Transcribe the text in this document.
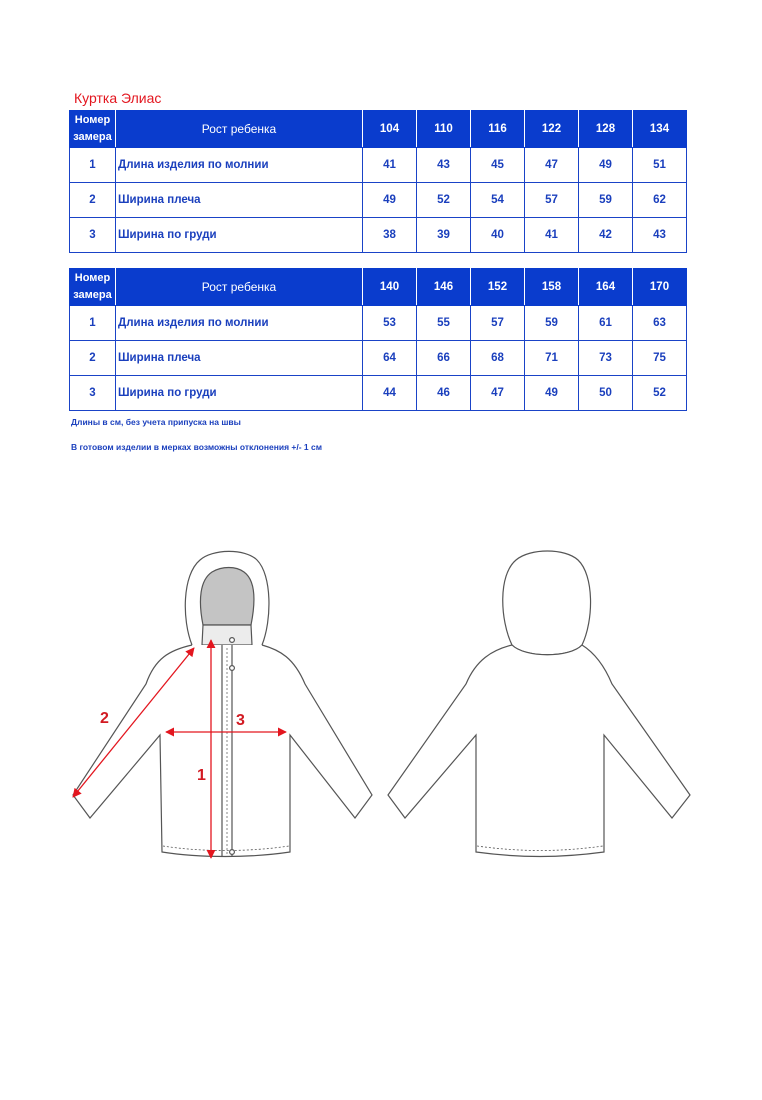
Куртка Элиас
Номер замера	Рост ребенка	104	110	116	122	128	134
1	Длина изделия по молнии	41	43	45	47	49	51
2	Ширина плеча	49	52	54	57	59	62
3	Ширина по груди	38	39	40	41	42	43
Номер замера	Рост ребенка	140	146	152	158	164	170
1	Длина изделия по молнии	53	55	57	59	61	63
2	Ширина плеча	64	66	68	71	73	75
3	Ширина по груди	44	46	47	49	50	52
Длины в см, без учета припуска на швы
В готовом изделии в мерках возможны отклонения +/- 1 см
1
2	3
